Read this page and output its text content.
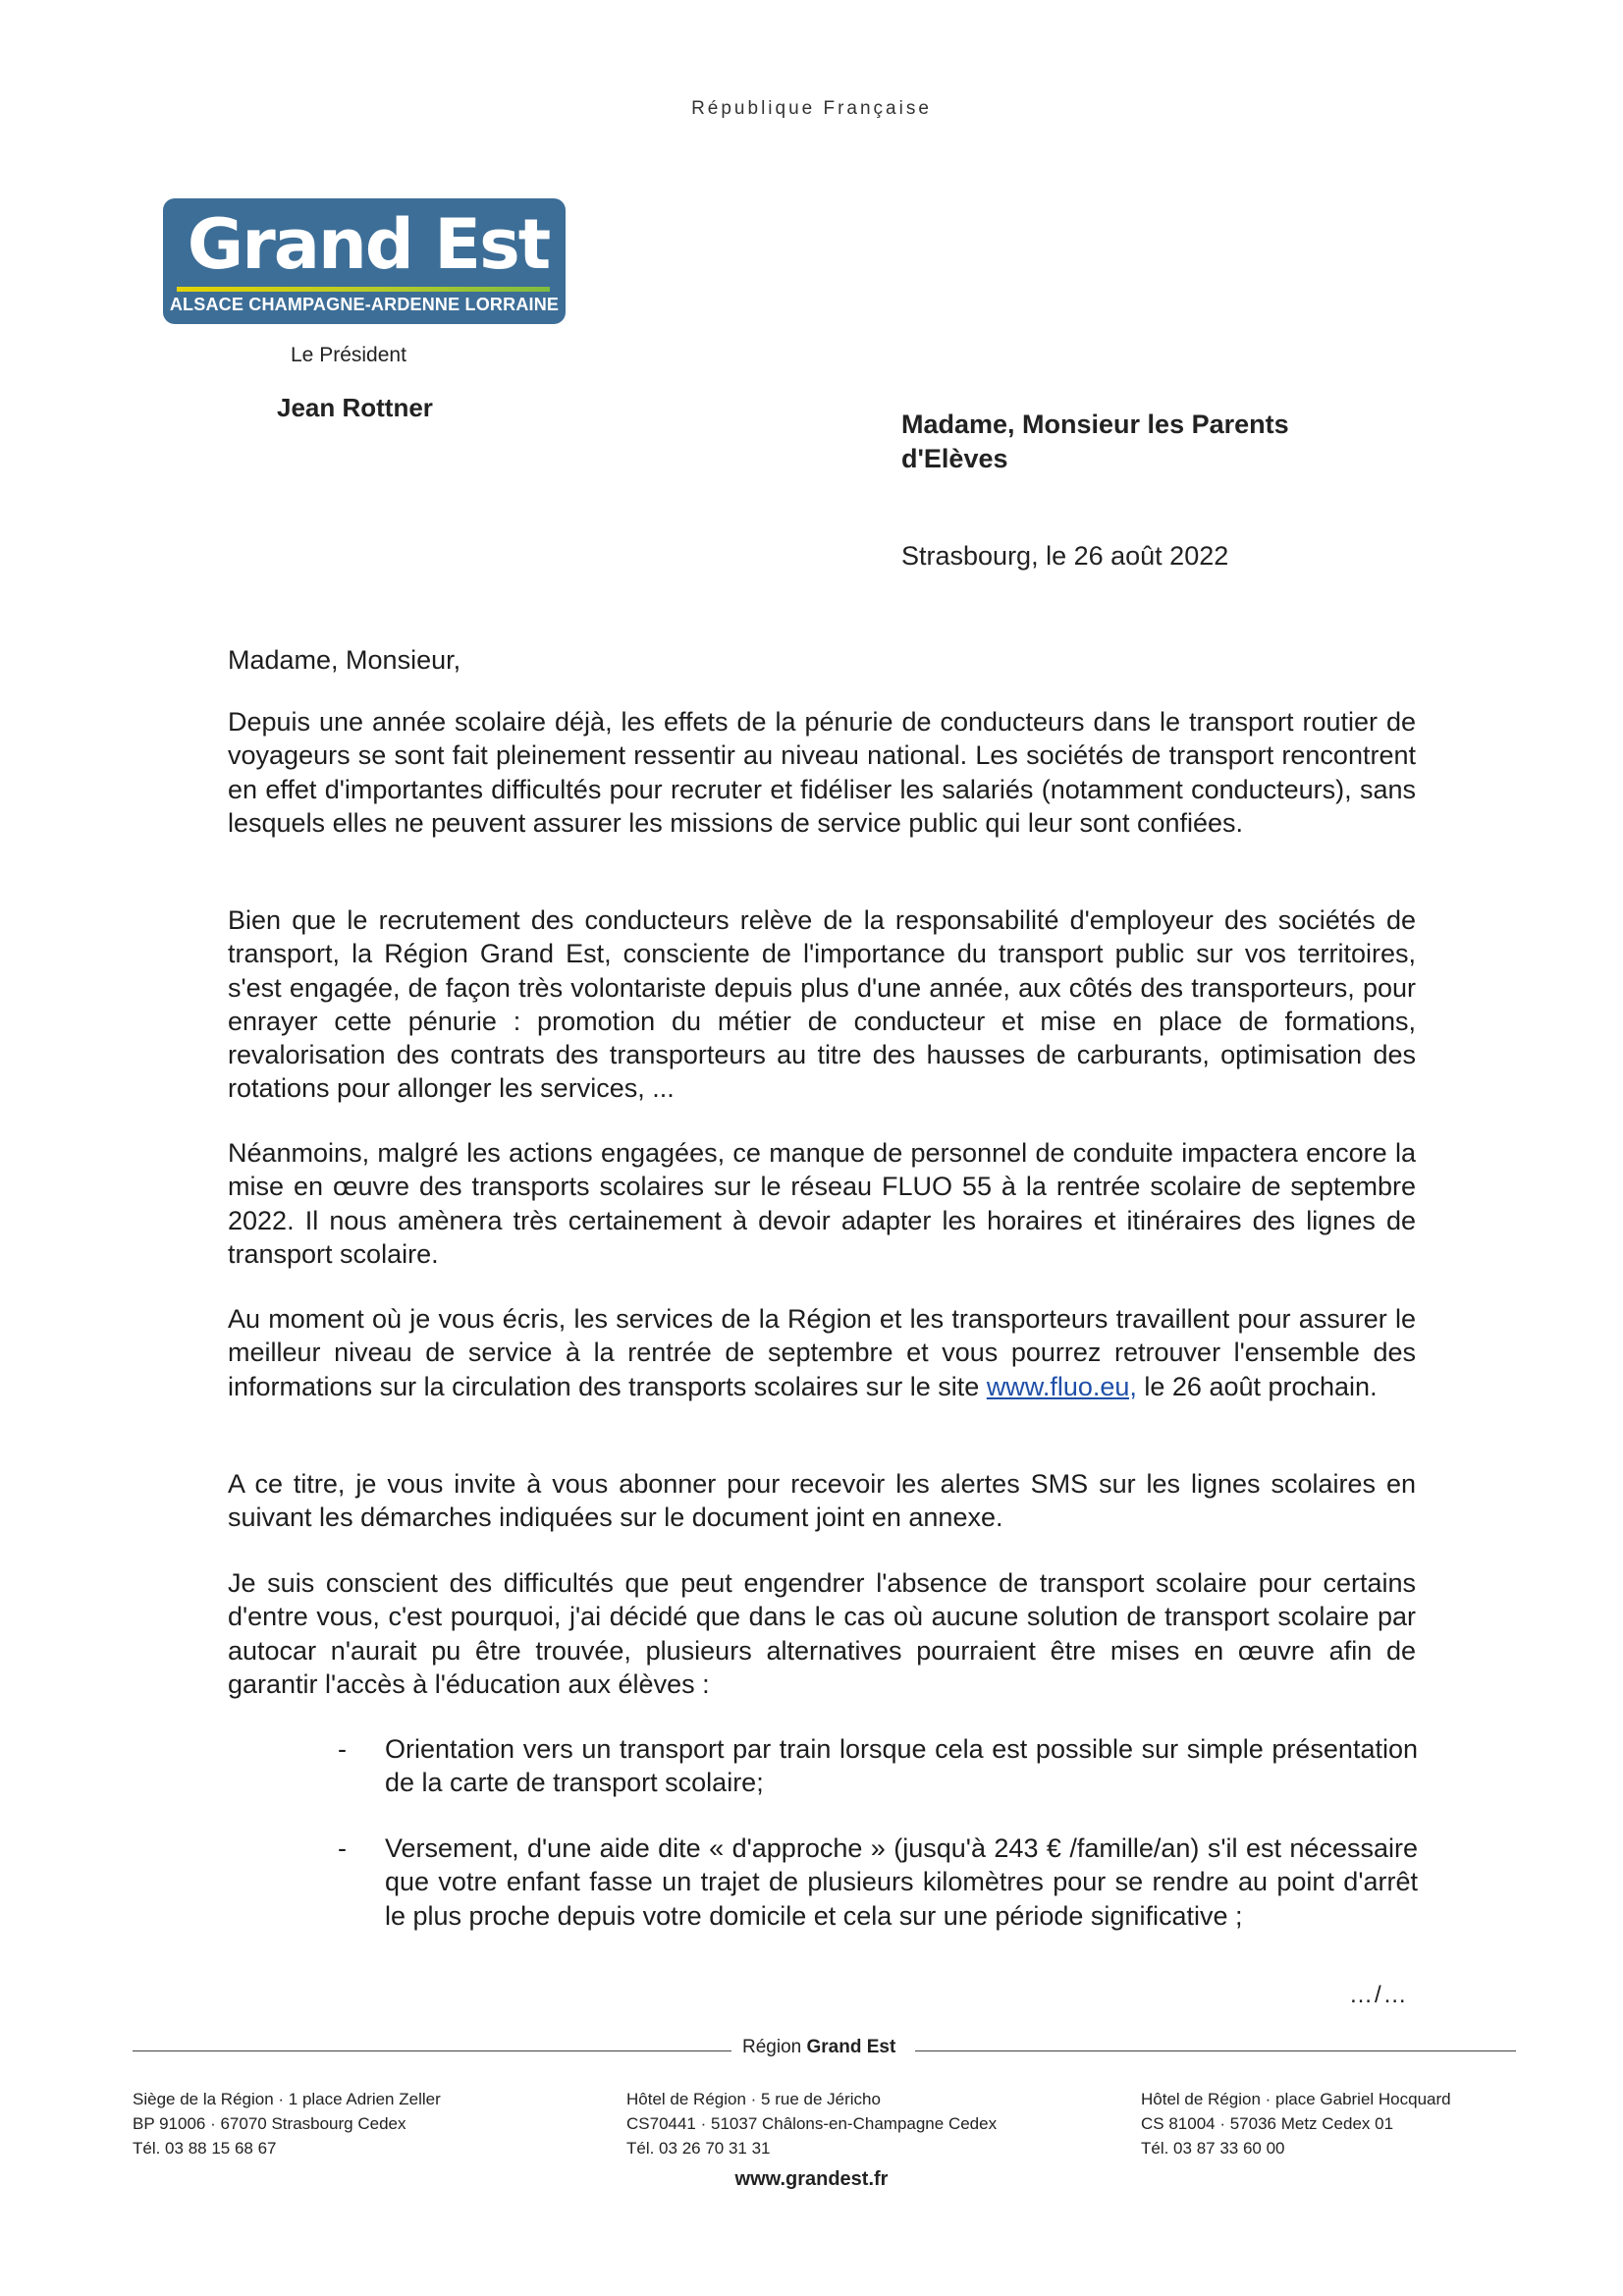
République Française
Grand Est
ALSACE CHAMPAGNE-ARDENNE LORRAINE
Le Président
Jean Rottner
Madame, Monsieur les Parents
d'Elèves
Strasbourg, le 26 août 2022
Madame, Monsieur,
Depuis une année scolaire déjà, les effets de la pénurie de conducteurs dans le transport routier de voyageurs se sont fait pleinement ressentir au niveau national. Les sociétés de transport rencontrent en effet d'importantes difficultés pour recruter et fidéliser les salariés (notamment conducteurs), sans lesquels elles ne peuvent assurer les missions de service public qui leur sont confiées.
Bien que le recrutement des conducteurs relève de la responsabilité d'employeur des sociétés de transport, la Région Grand Est, consciente de l'importance du transport public sur vos territoires, s'est engagée, de façon très volontariste depuis plus d'une année, aux côtés des transporteurs, pour enrayer cette pénurie : promotion du métier de conducteur et mise en place de formations, revalorisation des contrats des transporteurs au titre des hausses de carburants, optimisation des rotations pour allonger les services, ...
Néanmoins, malgré les actions engagées, ce manque de personnel de conduite impactera encore la mise en œuvre des transports scolaires sur le réseau FLUO 55 à la rentrée scolaire de septembre 2022. Il nous amènera très certainement à devoir adapter les horaires et itinéraires des lignes de transport scolaire.
Au moment où je vous écris, les services de la Région et les transporteurs travaillent pour assurer le meilleur niveau de service à la rentrée de septembre et vous pourrez retrouver l'ensemble des informations sur la circulation des transports scolaires sur le site www.fluo.eu, le 26 août prochain.
A ce titre, je vous invite à vous abonner pour recevoir les alertes SMS sur les lignes scolaires en suivant les démarches indiquées sur le document joint en annexe.
Je suis conscient des difficultés que peut engendrer l'absence de transport scolaire pour certains d'entre vous, c'est pourquoi, j'ai décidé que dans le cas où aucune solution de transport scolaire par autocar n'aurait pu être trouvée, plusieurs alternatives pourraient être mises en œuvre afin de garantir l'accès à l'éducation aux élèves :
- Orientation vers un transport par train lorsque cela est possible sur simple présentation de la carte de transport scolaire;
- Versement, d'une aide dite « d'approche » (jusqu'à 243 € /famille/an) s'il est nécessaire que votre enfant fasse un trajet de plusieurs kilomètres pour se rendre au point d'arrêt le plus proche depuis votre domicile et cela sur une période significative ;
…/…
Région Grand Est
Siège de la Région · 1 place Adrien Zeller
BP 91006 · 67070 Strasbourg Cedex
Tél. 03 88 15 68 67
Hôtel de Région · 5 rue de Jéricho
CS70441 · 51037 Châlons-en-Champagne Cedex
Tél. 03 26 70 31 31
Hôtel de Région · place Gabriel Hocquard
CS 81004 · 57036 Metz Cedex 01
Tél. 03 87 33 60 00
www.grandest.fr
